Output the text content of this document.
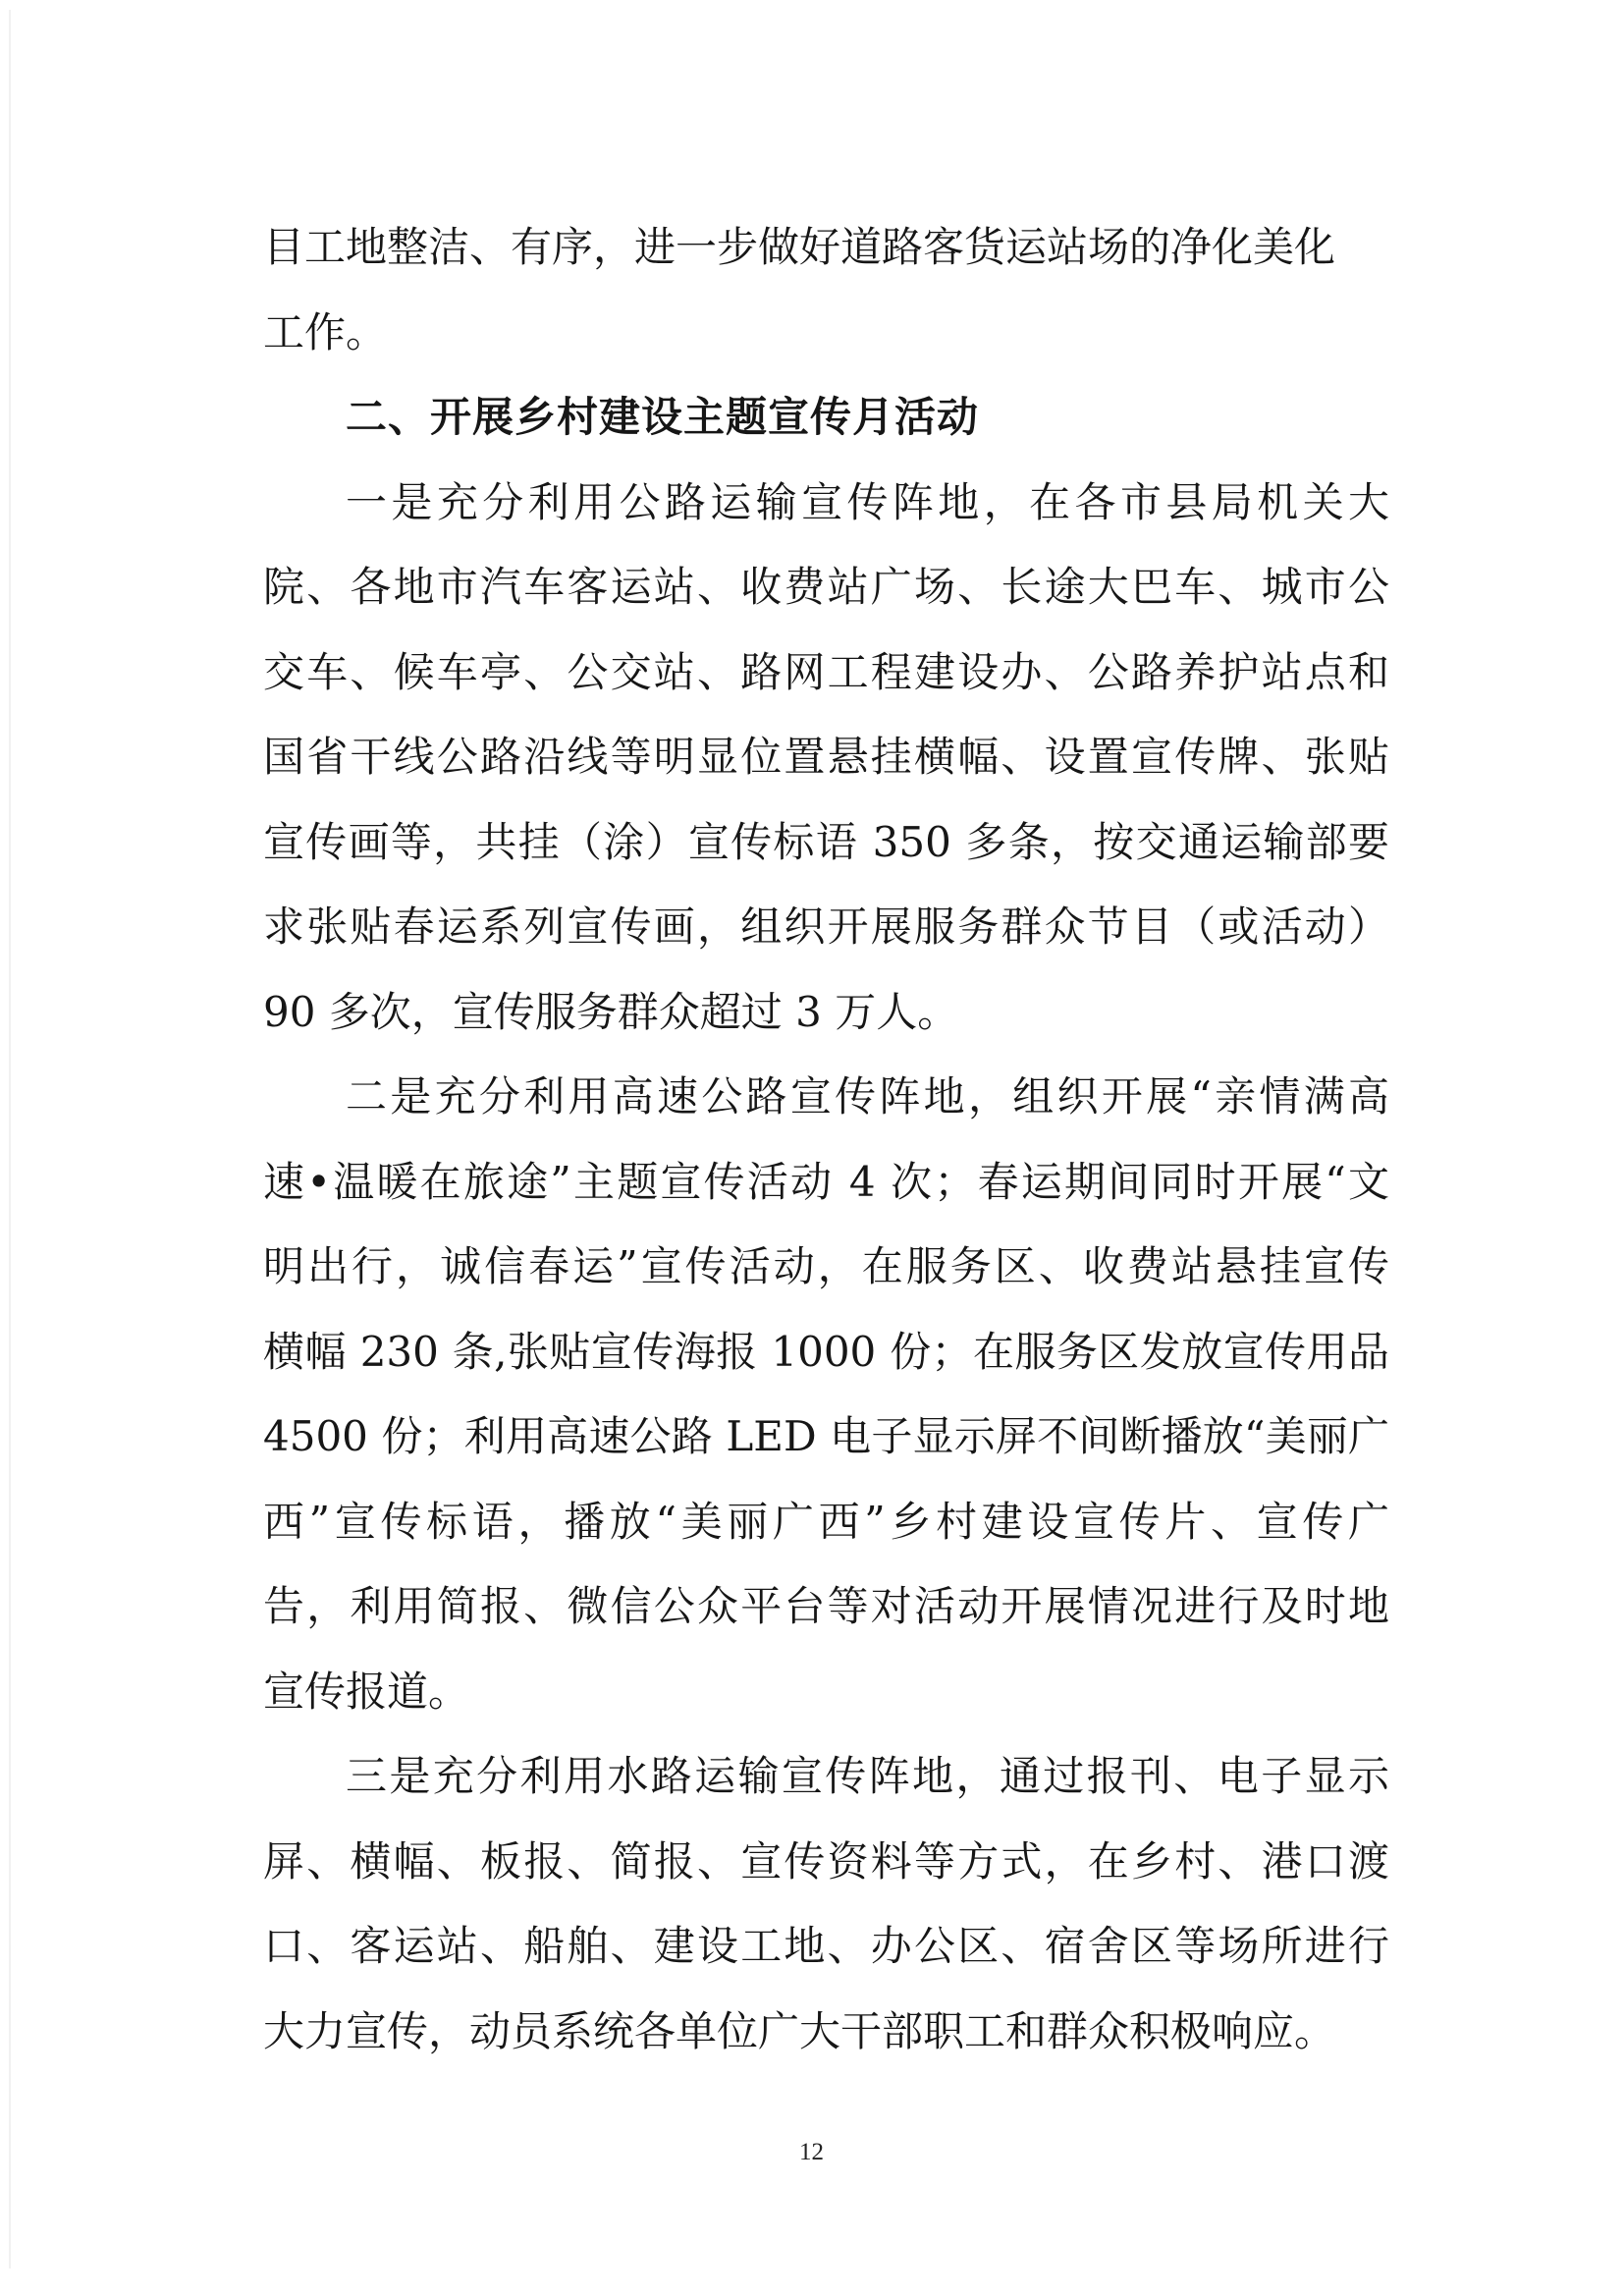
目工地整洁、有序，进一步做好道路客货运站场的净化美化
工作。
二、开展乡村建设主题宣传月活动
一是充分利用公路运输宣传阵地，在各市县局机关大
院、各地市汽车客运站、收费站广场、长途大巴车、城市公
交车、候车亭、公交站、路网工程建设办、公路养护站点和
国省干线公路沿线等明显位置悬挂横幅、设置宣传牌、张贴
宣传画等，共挂（涂）宣传标语 350 多条，按交通运输部要
求张贴春运系列宣传画，组织开展服务群众节目（或活动）
90 多次，宣传服务群众超过 3 万人。
二是充分利用高速公路宣传阵地，组织开展“亲情满高
速•温暖在旅途”主题宣传活动 4 次；春运期间同时开展“文
明出行，诚信春运”宣传活动，在服务区、收费站悬挂宣传
横幅 230 条,张贴宣传海报 1000 份；在服务区发放宣传用品
4500 份；利用高速公路 LED 电子显示屏不间断播放“美丽广
西”宣传标语，播放“美丽广西”乡村建设宣传片、宣传广
告，利用简报、微信公众平台等对活动开展情况进行及时地
宣传报道。
三是充分利用水路运输宣传阵地，通过报刊、电子显示
屏、横幅、板报、简报、宣传资料等方式，在乡村、港口渡
口、客运站、船舶、建设工地、办公区、宿舍区等场所进行
大力宣传，动员系统各单位广大干部职工和群众积极响应。
12
